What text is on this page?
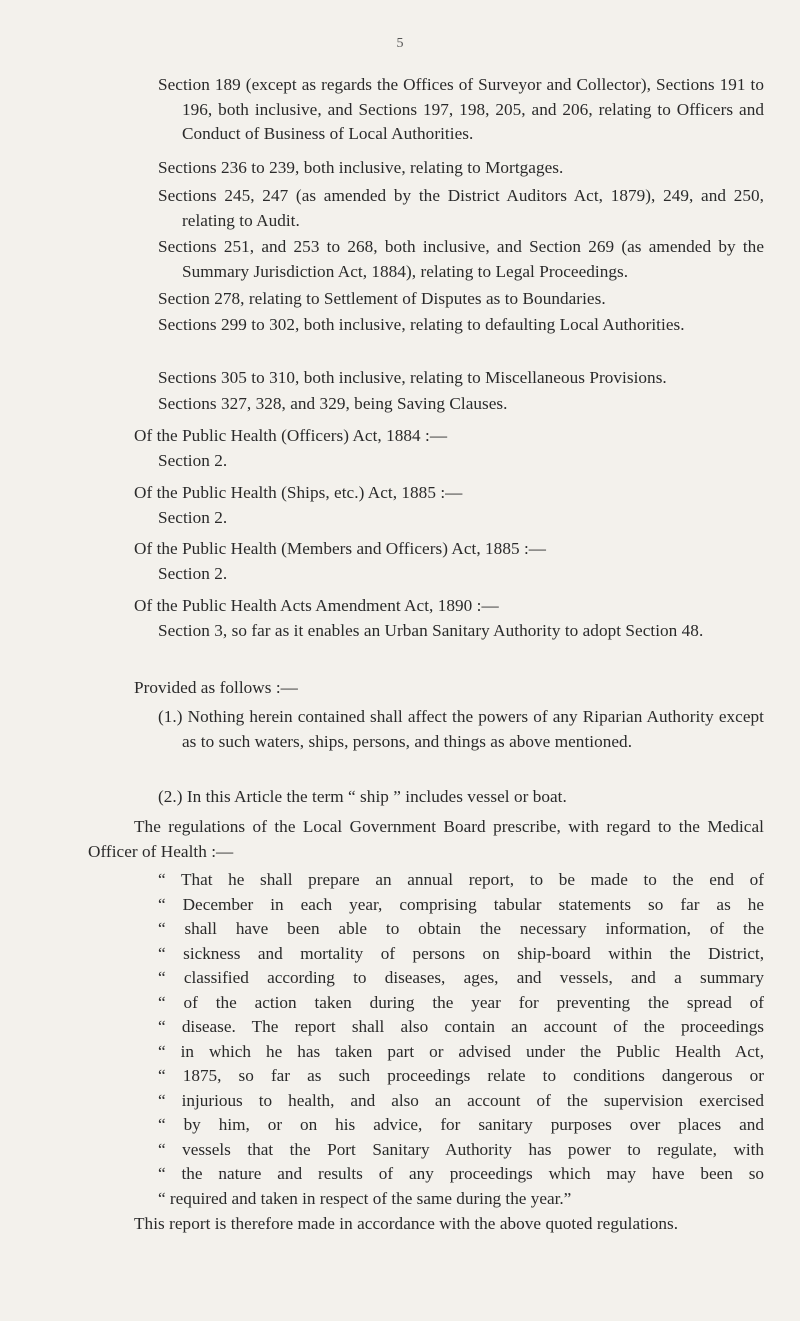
5

Section 189 (except as regards the Offices of Surveyor and Collector), Sections 191 to 196, both inclusive, and Sections 197, 198, 205, and 206, relating to Officers and Conduct of Business of Local Authorities.

Sections 236 to 239, both inclusive, relating to Mortgages.

Sections 245, 247 (as amended by the District Auditors Act, 1879), 249, and 250, relating to Audit.

Sections 251, and 253 to 268, both inclusive, and Section 269 (as amended by the Summary Jurisdiction Act, 1884), relating to Legal Proceedings.

Section 278, relating to Settlement of Disputes as to Boundaries.

Sections 299 to 302, both inclusive, relating to defaulting Local Authorities.

Sections 305 to 310, both inclusive, relating to Miscellaneous Provisions.

Sections 327, 328, and 329, being Saving Clauses.

Of the Public Health (Officers) Act, 1884 :—

Section 2.

Of the Public Health (Ships, etc.) Act, 1885 :—

Section 2.

Of the Public Health (Members and Officers) Act, 1885 :—

Section 2.

Of the Public Health Acts Amendment Act, 1890 :—

Section 3, so far as it enables an Urban Sanitary Authority to adopt Section 48.

Provided as follows :—

(1.) Nothing herein contained shall affect the powers of any Riparian Authority except as to such waters, ships, persons, and things as above mentioned.

(2.) In this Article the term “ ship ” includes vessel or boat.

The regulations of the Local Government Board prescribe, with regard to the Medical Officer of Health :—

“ That he shall prepare an annual report, to be made to the end of
“ December in each year, comprising tabular statements so far as he
“ shall have been able to obtain the necessary information, of the
“ sickness and mortality of persons on ship-board within the District,
“ classified according to diseases, ages, and vessels, and a summary
“ of the action taken during the year for preventing the spread of
“ disease. The report shall also contain an account of the proceedings
“ in which he has taken part or advised under the Public Health Act,
“ 1875, so far as such proceedings relate to conditions dangerous or
“ injurious to health, and also an account of the supervision exercised
“ by him, or on his advice, for sanitary purposes over places and
“ vessels that the Port Sanitary Authority has power to regulate, with
“ the nature and results of any proceedings which may have been so
“ required and taken in respect of the same during the year.”

This report is therefore made in accordance with the above quoted regulations.
